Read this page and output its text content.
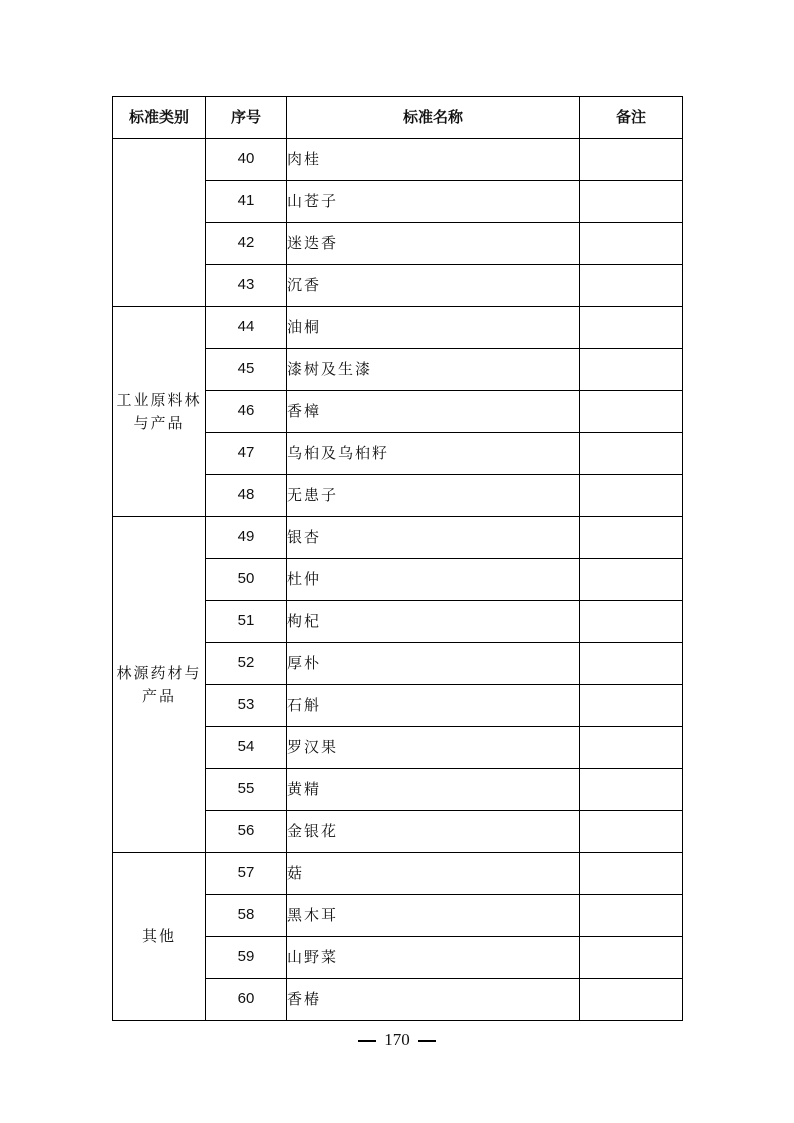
标准类别	序号	标准名称	备注
	40	肉桂	
	41	山苍子	
	42	迷迭香	
	43	沉香	
工业原料林与产品	44	油桐	
	45	漆树及生漆	
	46	香樟	
	47	乌桕及乌桕籽	
	48	无患子	
林源药材与产品	49	银杏	
	50	杜仲	
	51	枸杞	
	52	厚朴	
	53	石斛	
	54	罗汉果	
	55	黄精	
	56	金银花	
其他	57	菇	
	58	黑木耳	
	59	山野菜	
	60	香椿	
170
